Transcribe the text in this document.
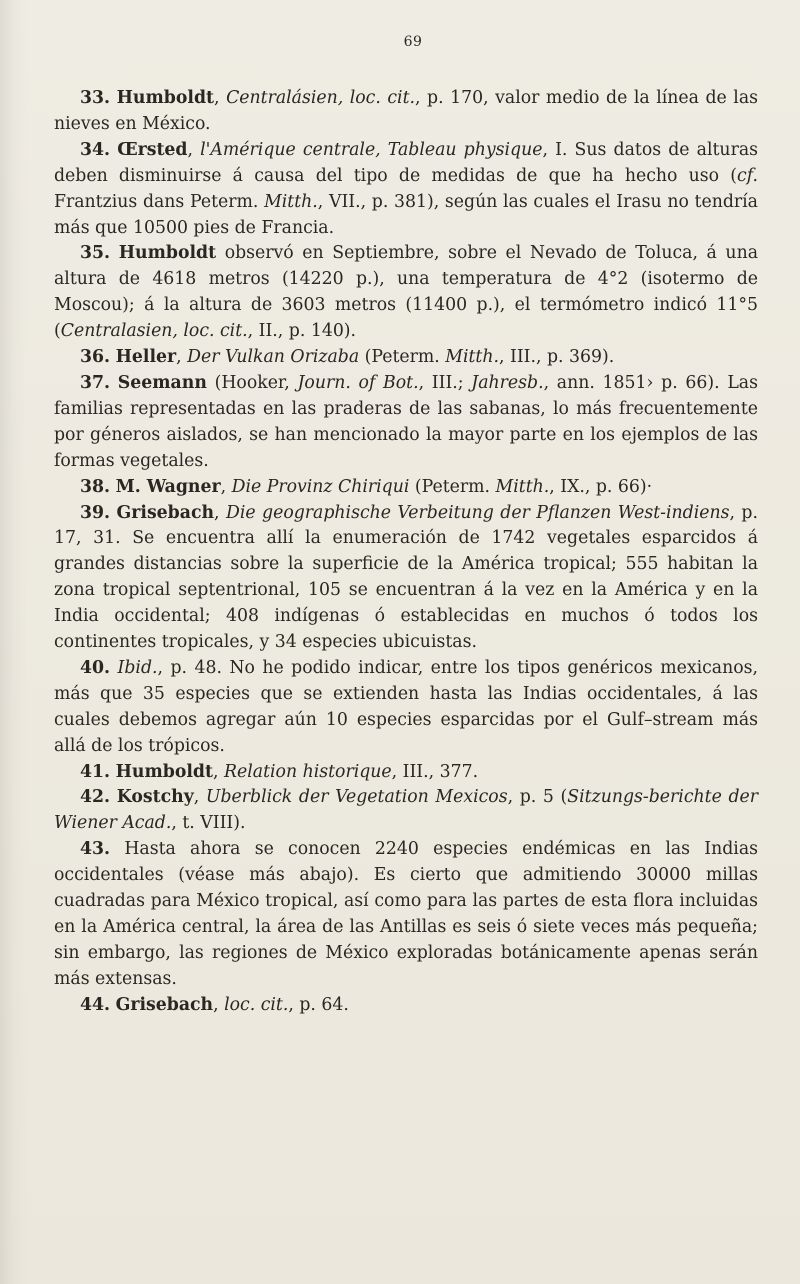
69

33. Humboldt, Centralásien, loc. cit., p. 170, valor medio de la línea de las nieves en México.

34. Œrsted, l'Amérique centrale, Tableau physique, I. Sus datos de alturas deben disminuirse á causa del tipo de medidas de que ha hecho uso (cf. Frantzius dans Peterm. Mitth., VII., p. 381), según las cuales el Irasu no tendría más que 10500 pies de Francia.

35. Humboldt observó en Septiembre, sobre el Nevado de Toluca, á una altura de 4618 metros (14220 p.), una temperatura de 4°2 (isotermo de Moscou); á la altura de 3603 metros (11400 p.), el termómetro indicó 11°5 (Centralasien, loc. cit., II., p. 140).

36. Heller, Der Vulkan Orizaba (Peterm. Mitth., III., p. 369).

37. Seemann (Hooker, Journ. of Bot., III.; Jahresb., ann. 1851› p. 66). Las familias representadas en las praderas de las sabanas, lo más frecuentemente por géneros aislados, se han mencionado la mayor parte en los ejemplos de las formas vegetales.

38. M. Wagner, Die Provinz Chiriqui (Peterm. Mitth., IX., p. 66)·

39. Grisebach, Die geographische Verbeitung der Pflanzen West-indiens, p. 17, 31. Se encuentra allí la enumeración de 1742 vegetales esparcidos á grandes distancias sobre la superficie de la América tropical; 555 habitan la zona tropical septentrional, 105 se encuentran á la vez en la América y en la India occidental; 408 indígenas ó establecidas en muchos ó todos los continentes tropicales, y 34 especies ubicuistas.

40. Ibid., p. 48. No he podido indicar, entre los tipos genéricos mexicanos, más que 35 especies que se extienden hasta las Indias occidentales, á las cuales debemos agregar aún 10 especies esparcidas por el Gulf–stream más allá de los trópicos.

41. Humboldt, Relation historique, III., 377.

42. Kostchy, Uberblick der Vegetation Mexicos, p. 5 (Sitzungs-berichte der Wiener Acad., t. VIII).

43. Hasta ahora se conocen 2240 especies endémicas en las Indias occidentales (véase más abajo). Es cierto que admitiendo 30000 millas cuadradas para México tropical, así como para las partes de esta flora incluidas en la América central, la área de las Antillas es seis ó siete veces más pequeña; sin embargo, las regiones de México exploradas botánicamente apenas serán más extensas.

44. Grisebach, loc. cit., p. 64.
